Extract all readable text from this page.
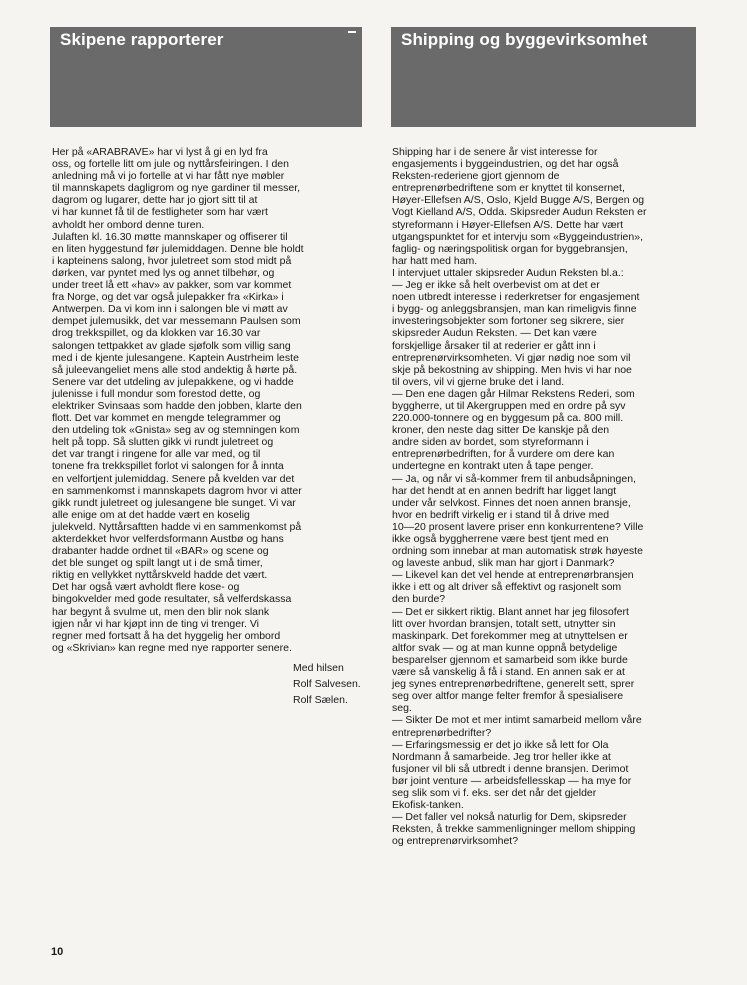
Skipene rapporterer	Shipping og byggevirksomhet
Her på «ARABRAVE» har vi lyst å gi en lyd fra
oss, og fortelle litt om jule og nyttårsfeiringen. I den
anledning må vi jo fortelle at vi har fått nye møbler
til mannskapets dagligrom og nye gardiner til messer,
dagrom og lugarer, dette har jo gjort sitt til at
vi har kunnet få til de festligheter som har vært
avholdt her ombord denne turen.
Julaften kl. 16.30 møtte mannskaper og offiserer til
en liten hyggestund før julemiddagen. Denne ble holdt
i kapteinens salong, hvor juletreet som stod midt på
dørken, var pyntet med lys og annet tilbehør, og
under treet lå ett «hav» av pakker, som var kommet
fra Norge, og det var også julepakker fra «Kirka» i
Antwerpen. Da vi kom inn i salongen ble vi møtt av
dempet julemusikk, det var messemann Paulsen som
drog trekkspillet, og da klokken var 16.30 var
salongen tettpakket av glade sjøfolk som villig sang
med i de kjente julesangene. Kaptein Austrheim leste
så juleevangeliet mens alle stod andektig å hørte på.
Senere var det utdeling av julepakkene, og vi hadde
julenisse i full mondur som forestod dette, og
elektriker Svinsaas som hadde den jobben, klarte den
flott. Det var kommet en mengde telegrammer og
den utdeling tok «Gnista» seg av og stemningen kom
helt på topp. Så slutten gikk vi rundt juletreet og
det var trangt i ringene for alle var med, og til
tonene fra trekkspillet forlot vi salongen for å innta
en velfortjent julemiddag. Senere på kvelden var det
en sammenkomst i mannskapets dagrom hvor vi atter
gikk rundt juletreet og julesangene ble sunget. Vi var
alle enige om at det hadde vært en koselig
julekveld. Nyttårsaftten hadde vi en sammenkomst på
akterdekket hvor velferdsformann Austbø og hans
drabanter hadde ordnet til «BAR» og scene og
det ble sunget og spilt langt ut i de små timer,
riktig en vellykket nyttårskveld hadde det vært.
Det har også vært avholdt flere kose- og
bingokvelder med gode resultater, så velferdskassa
har begynt å svulme ut, men den blir nok slank
igjen når vi har kjøpt inn de ting vi trenger. Vi
regner med fortsatt å ha det hyggelig her ombord
og «Skrivian» kan regne med nye rapporter senere.
Med hilsen
Rolf Salvesen.
Rolf Sælen.
Shipping har i de senere år vist interesse for
engasjements i byggeindustrien, og det har også
Reksten-rederiene gjort gjennom de
entreprenørbedriftene som er knyttet til konsernet,
Høyer-Ellefsen A/S, Oslo, Kjeld Bugge A/S, Bergen og
Vogt Kielland A/S, Odda. Skipsreder Audun Reksten er
styreformann i Høyer-Ellefsen A/S. Dette har vært
utgangspunktet for et intervju som «Byggeindustrien»,
faglig- og næringspolitisk organ for byggebransjen,
har hatt med ham.
I intervjuet uttaler skipsreder Audun Reksten bl.a.:
— Jeg er ikke så helt overbevist om at det er
noen utbredt interesse i rederkretser for engasjement
i bygg- og anleggsbransjen, man kan rimeligvis finne
investeringsobjekter som fortoner seg sikrere, sier
skipsreder Audun Reksten. — Det kan være
forskjellige årsaker til at rederier er gått inn i
entreprenørvirksomheten. Vi gjør nødig noe som vil
skje på bekostning av shipping. Men hvis vi har noe
til overs, vil vi gjerne bruke det i land.
— Den ene dagen går Hilmar Rekstens Rederi, som
byggherre, ut til Akergruppen med en ordre på syv
220.000-tonnere og en byggesum på ca. 800 mill.
kroner, den neste dag sitter De kanskje på den
andre siden av bordet, som styreformann i
entreprenørbedriften, for å vurdere om dere kan
undertegne en kontrakt uten å tape penger.
— Ja, og når vi så-kommer frem til anbudsåpningen,
har det hendt at en annen bedrift har ligget langt
under vår selvkost. Finnes det noen annen bransje,
hvor en bedrift virkelig er i stand til å drive med
10—20 prosent lavere priser enn konkurrentene? Ville
ikke også byggherrene være best tjent med en
ordning som innebar at man automatisk strøk høyeste
og laveste anbud, slik man har gjort i Danmark?
— Likevel kan det vel hende at entreprenørbransjen
ikke i ett og alt driver så effektivt og rasjonelt som
den burde?
— Det er sikkert riktig. Blant annet har jeg filosofert
litt over hvordan bransjen, totalt sett, utnytter sin
maskinpark. Det forekommer meg at utnyttelsen er
altfor svak — og at man kunne oppnå betydelige
besparelser gjennom et samarbeid som ikke burde
være så vanskelig å få i stand. En annen sak er at
jeg synes entreprenørbedriftene, generelt sett, sprer
seg over altfor mange felter fremfor å spesialisere
seg.
— Sikter De mot et mer intimt samarbeid mellom våre
entreprenørbedrifter?
— Erfaringsmessig er det jo ikke så lett for Ola
Nordmann å samarbeide. Jeg tror heller ikke at
fusjoner vil bli så utbredt i denne bransjen. Derimot
bør joint venture — arbeidsfellesskap — ha mye for
seg slik som vi f. eks. ser det når det gjelder
Ekofisk-tanken.
— Det faller vel nokså naturlig for Dem, skipsreder
Reksten, å trekke sammenligninger mellom shipping
og entreprenørvirksomhet?
10
